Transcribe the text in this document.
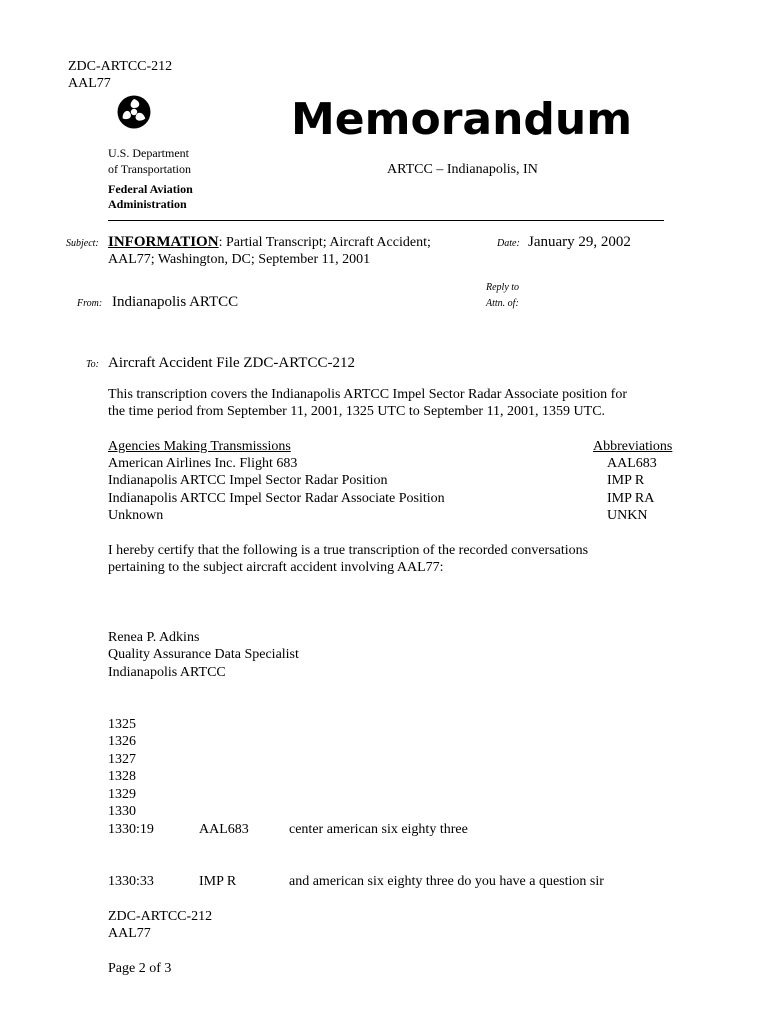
ZDC-ARTCC-212
AAL77
Memorandum
U.S. Department
of Transportation
Federal Aviation
Administration
ARTCC – Indianapolis, IN
Subject: INFORMATION: Partial Transcript; Aircraft Accident;
AAL77; Washington, DC; September 11, 2001
Date: January 29, 2002
Reply to
Attn. of:
From: Indianapolis ARTCC
To: Aircraft Accident File ZDC-ARTCC-212
This transcription covers the Indianapolis ARTCC Impel Sector Radar Associate position for
the time period from September 11, 2001, 1325 UTC to September 11, 2001, 1359 UTC.
Agencies Making Transmissions	Abbreviations
American Airlines Inc. Flight 683	AAL683
Indianapolis ARTCC Impel Sector Radar Position	IMP R
Indianapolis ARTCC Impel Sector Radar Associate Position	IMP RA
Unknown	UNKN
I hereby certify that the following is a true transcription of the recorded conversations
pertaining to the subject aircraft accident involving AAL77:
Renea P. Adkins
Quality Assurance Data Specialist
Indianapolis ARTCC
1325
1326
1327
1328
1329
1330
1330:19	AAL683	center american six eighty three
1330:33	IMP R	and american six eighty three do you have a question sir
ZDC-ARTCC-212
AAL77
Page 2 of 3
